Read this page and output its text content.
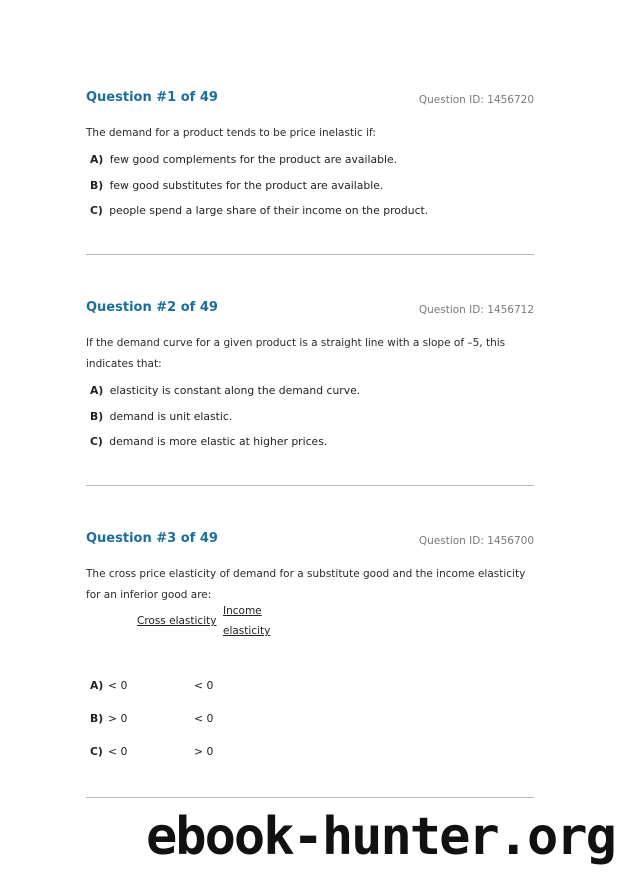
Question #1 of 49	Question ID: 1456720
The demand for a product tends to be price inelastic if:
A) few good complements for the product are available.
B) few good substitutes for the product are available.
C) people spend a large share of their income on the product.
Question #2 of 49	Question ID: 1456712
If the demand curve for a given product is a straight line with a slope of –5, this indicates that:
A) elasticity is constant along the demand curve.
B) demand is unit elastic.
C) demand is more elastic at higher prices.
Question #3 of 49	Question ID: 1456700
The cross price elasticity of demand for a substitute good and the income elasticity for an inferior good are:
Cross elasticity
Income
elasticity
A) < 0	< 0
B) > 0	< 0
C) < 0	> 0
ebook-hunter.org
